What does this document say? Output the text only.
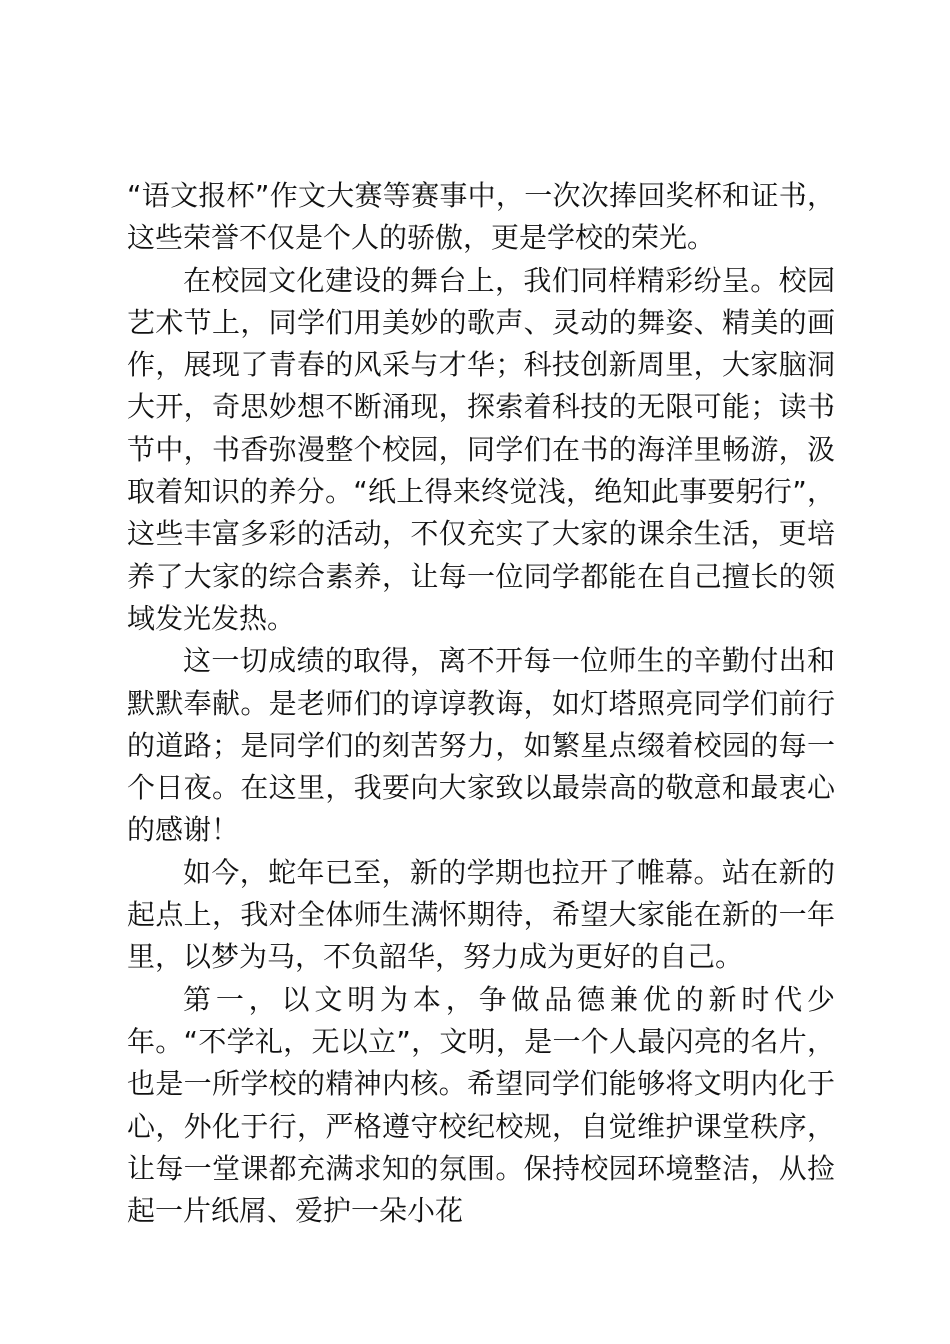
“语文报杯”作文大赛等赛事中，一次次捧回奖杯和证书，这些荣誉不仅是个人的骄傲，更是学校的荣光。

在校园文化建设的舞台上，我们同样精彩纷呈。校园艺术节上，同学们用美妙的歌声、灵动的舞姿、精美的画作，展现了青春的风采与才华；科技创新周里，大家脑洞大开，奇思妙想不断涌现，探索着科技的无限可能；读书节中，书香弥漫整个校园，同学们在书的海洋里畅游，汲取着知识的养分。“纸上得来终觉浅，绝知此事要躬行”，这些丰富多彩的活动，不仅充实了大家的课余生活，更培养了大家的综合素养，让每一位同学都能在自己擅长的领域发光发热。

这一切成绩的取得，离不开每一位师生的辛勤付出和默默奉献。是老师们的谆谆教诲，如灯塔照亮同学们前行的道路；是同学们的刻苦努力，如繁星点缀着校园的每一个日夜。在这里，我要向大家致以最崇高的敬意和最衷心的感谢！

如今，蛇年已至，新的学期也拉开了帷幕。站在新的起点上，我对全体师生满怀期待，希望大家能在新的一年里，以梦为马，不负韶华，努力成为更好的自己。

第一，以文明为本，争做品德兼优的新时代少年。“不学礼，无以立”，文明，是一个人最闪亮的名片，也是一所学校的精神内核。希望同学们能够将文明内化于心，外化于行，严格遵守校纪校规，自觉维护课堂秩序，让每一堂课都充满求知的氛围。保持校园环境整洁，从捡起一片纸屑、爱护一朵小花
